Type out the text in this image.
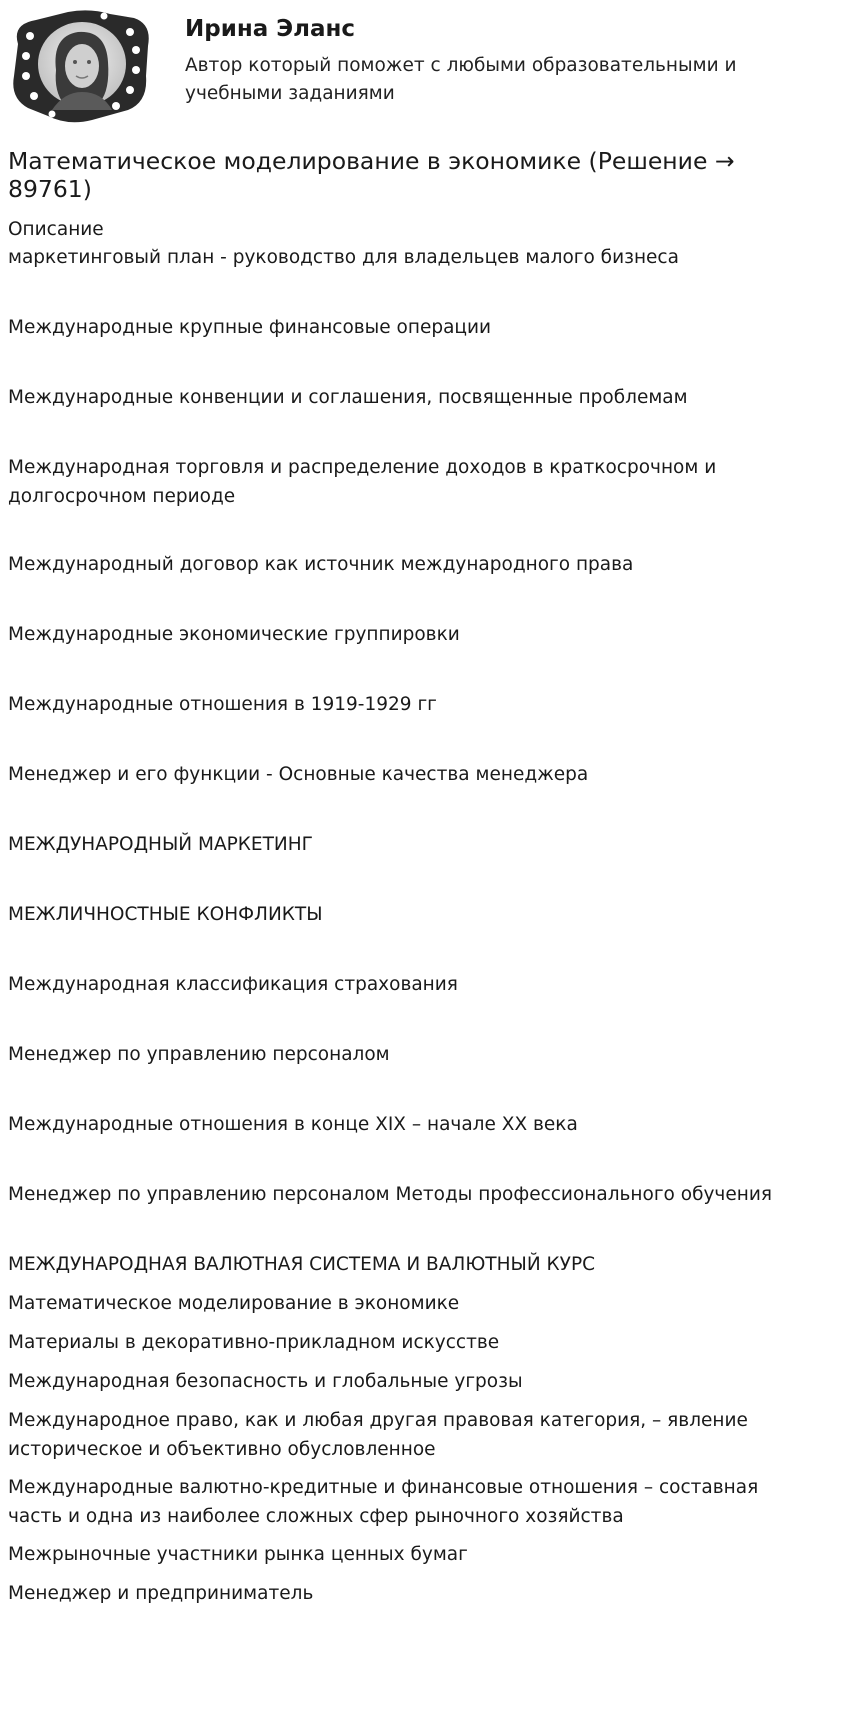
Ирина Эланс
Автор который поможет с любыми образовательными и учебными заданиями
Математическое моделирование в экономике (Решение → 89761)
Описание
маркетинговый план - руководство для владельцев малого бизнеса
Международные крупные финансовые операции
Международные конвенции и соглашения, посвященные проблемам
Международная торговля и распределение доходов в краткосрочном и долгосрочном периоде
Международный договор как источник международного права
Международные экономические группировки
Международные отношения в 1919-1929 гг
Менеджер и его функции - Основные качества менеджера
МЕЖДУНАРОДНЫЙ МАРКЕТИНГ
МЕЖЛИЧНОСТНЫЕ КОНФЛИКТЫ
Международная классификация страхования
Менеджер по управлению персоналом
Международные отношения в конце XIX – начале XX века
Менеджер по управлению персоналом Методы профессионального обучения
МЕЖДУНАРОДНАЯ ВАЛЮТНАЯ СИСТЕМА И ВАЛЮТНЫЙ КУРС
Математическое моделирование в экономике
Материалы в декоративно-прикладном искусстве
Международная безопасность и глобальные угрозы
Международное право, как и любая другая правовая категория, – явление историческое и объективно обусловленное
Международные валютно-кредитные и финансовые отношения – составная часть и одна из наиболее сложных сфер рыночного хозяйства
Межрыночные участники рынка ценных бумаг
Менеджер и предприниматель
